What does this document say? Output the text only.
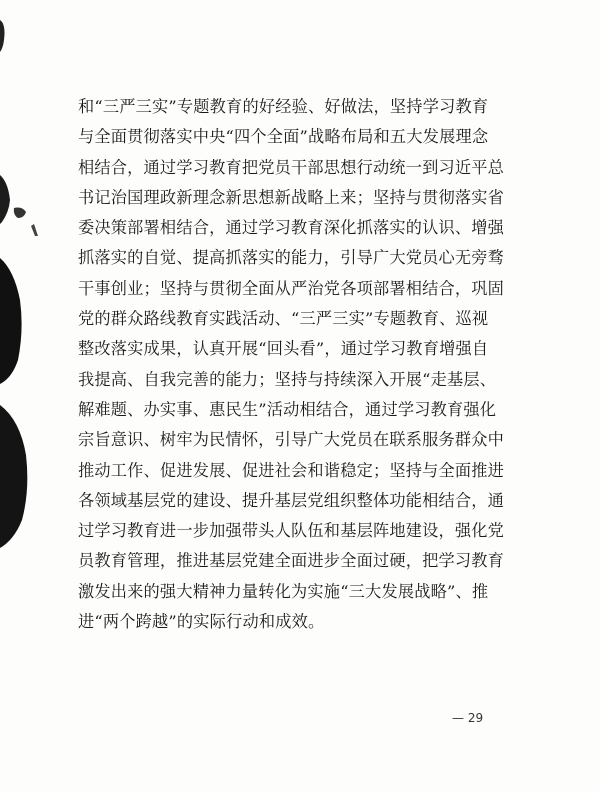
和“三严三实”专题教育的好经验、好做法，坚持学习教育
与全面贯彻落实中央“四个全面”战略布局和五大发展理念
相结合，通过学习教育把党员干部思想行动统一到习近平总
书记治国理政新理念新思想新战略上来；坚持与贯彻落实省
委决策部署相结合，通过学习教育深化抓落实的认识、增强
抓落实的自觉、提高抓落实的能力，引导广大党员心无旁骛
干事创业；坚持与贯彻全面从严治党各项部署相结合，巩固
党的群众路线教育实践活动、“三严三实”专题教育、巡视
整改落实成果，认真开展“回头看”，通过学习教育增强自
我提高、自我完善的能力；坚持与持续深入开展“走基层、
解难题、办实事、惠民生”活动相结合，通过学习教育强化
宗旨意识、树牢为民情怀，引导广大党员在联系服务群众中
推动工作、促进发展、促进社会和谐稳定；坚持与全面推进
各领域基层党的建设、提升基层党组织整体功能相结合，通
过学习教育进一步加强带头人队伍和基层阵地建设，强化党
员教育管理，推进基层党建全面进步全面过硬，把学习教育
激发出来的强大精神力量转化为实施“三大发展战略”、推
进“两个跨越”的实际行动和成效。
— 29
